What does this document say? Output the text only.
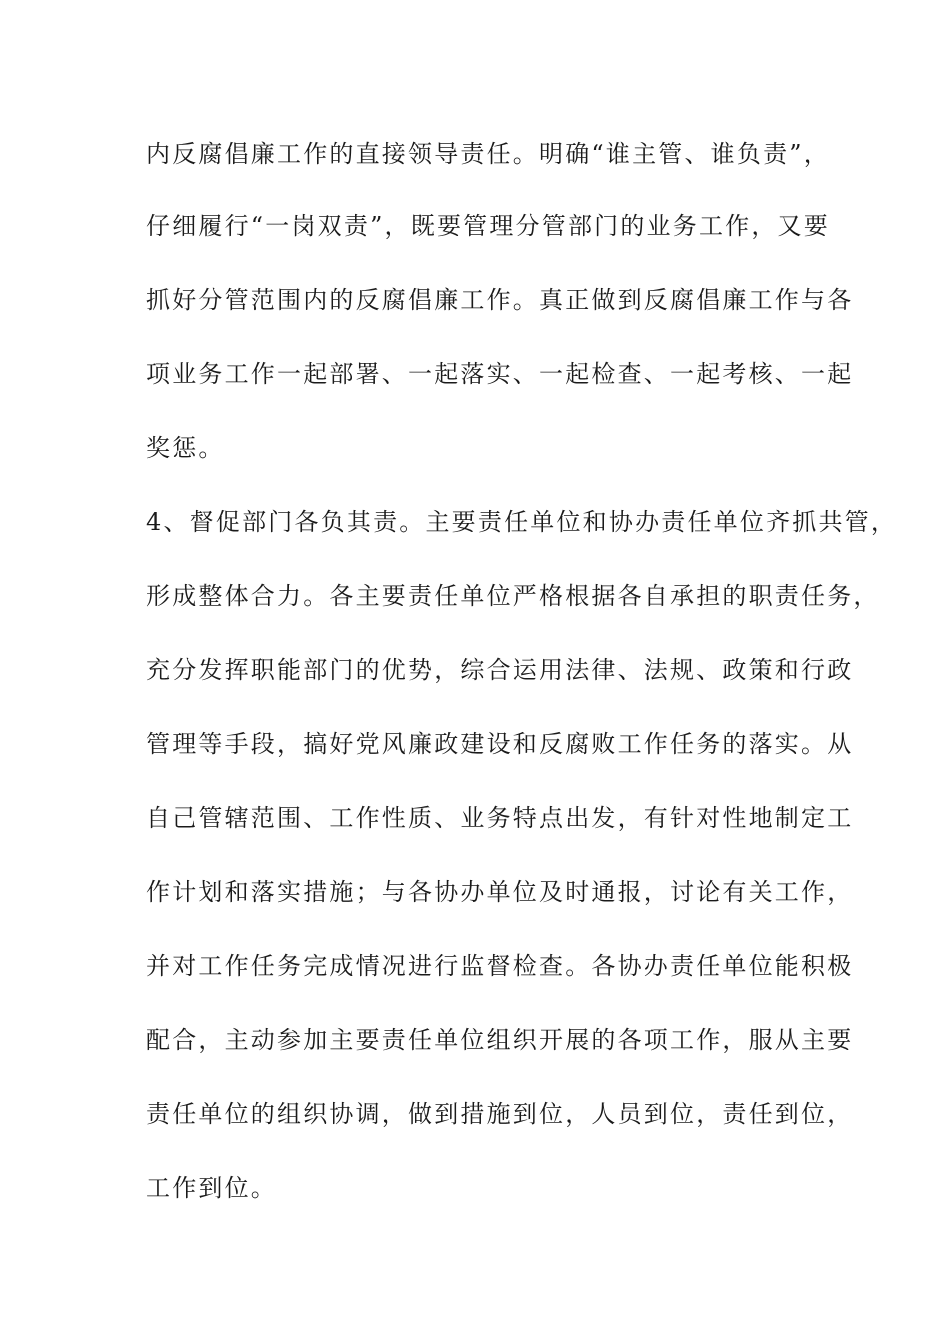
内反腐倡廉工作的直接领导责任。明确“谁主管、谁负责”，
仔细履行“一岗双责”，既要管理分管部门的业务工作，又要
抓好分管范围内的反腐倡廉工作。真正做到反腐倡廉工作与各
项业务工作一起部署、一起落实、一起检查、一起考核、一起
奖惩。
4、督促部门各负其责。主要责任单位和协办责任单位齐抓共管，
形成整体合力。各主要责任单位严格根据各自承担的职责任务，
充分发挥职能部门的优势，综合运用法律、法规、政策和行政
管理等手段，搞好党风廉政建设和反腐败工作任务的落实。从
自己管辖范围、工作性质、业务特点出发，有针对性地制定工
作计划和落实措施；与各协办单位及时通报，讨论有关工作，
并对工作任务完成情况进行监督检查。各协办责任单位能积极
配合，主动参加主要责任单位组织开展的各项工作，服从主要
责任单位的组织协调，做到措施到位，人员到位，责任到位，
工作到位。
